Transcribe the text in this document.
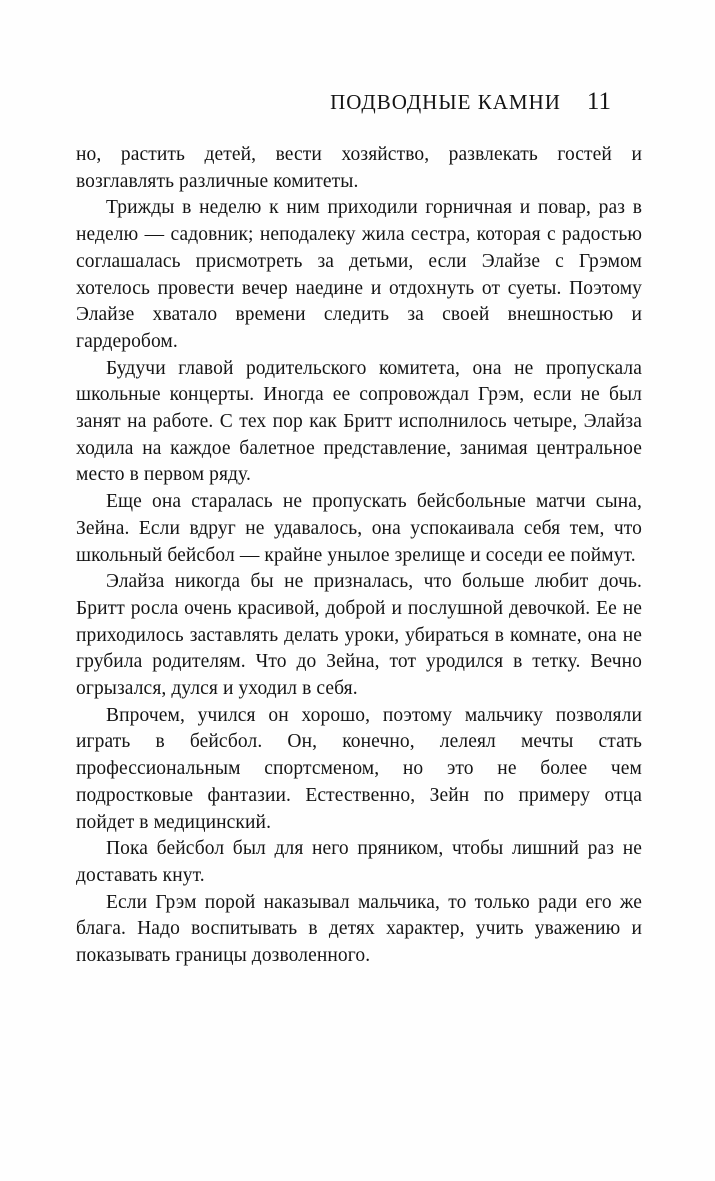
ПОДВОДНЫЕ КАМНИ 11

но, растить детей, вести хозяйство, развлекать гостей и возглавлять различные комитеты.

Трижды в неделю к ним приходили горничная и повар, раз в неделю — садовник; неподалеку жила сестра, которая с радостью соглашалась присмотреть за детьми, если Элайзе с Грэмом хотелось провести вечер наедине и отдохнуть от суеты. Поэтому Элайзе хватало времени следить за своей внешностью и гардеробом.

Будучи главой родительского комитета, она не пропускала школьные концерты. Иногда ее сопровождал Грэм, если не был занят на работе. С тех пор как Бритт исполнилось четыре, Элайза ходила на каждое балетное представление, занимая центральное место в первом ряду.

Еще она старалась не пропускать бейсбольные матчи сына, Зейна. Если вдруг не удавалось, она успокаивала себя тем, что школьный бейсбол — крайне унылое зрелище и соседи ее поймут.

Элайза никогда бы не призналась, что больше любит дочь. Бритт росла очень красивой, доброй и послушной девочкой. Ее не приходилось заставлять делать уроки, убираться в комнате, она не грубила родителям. Что до Зейна, тот уродился в тетку. Вечно огрызался, дулся и уходил в себя.

Впрочем, учился он хорошо, поэтому мальчику позволяли играть в бейсбол. Он, конечно, лелеял мечты стать профессиональным спортсменом, но это не более чем подростковые фантазии. Естественно, Зейн по примеру отца пойдет в медицинский.

Пока бейсбол был для него пряником, чтобы лишний раз не доставать кнут.

Если Грэм порой наказывал мальчика, то только ради его же блага. Надо воспитывать в детях характер, учить уважению и показывать границы дозволенного.
